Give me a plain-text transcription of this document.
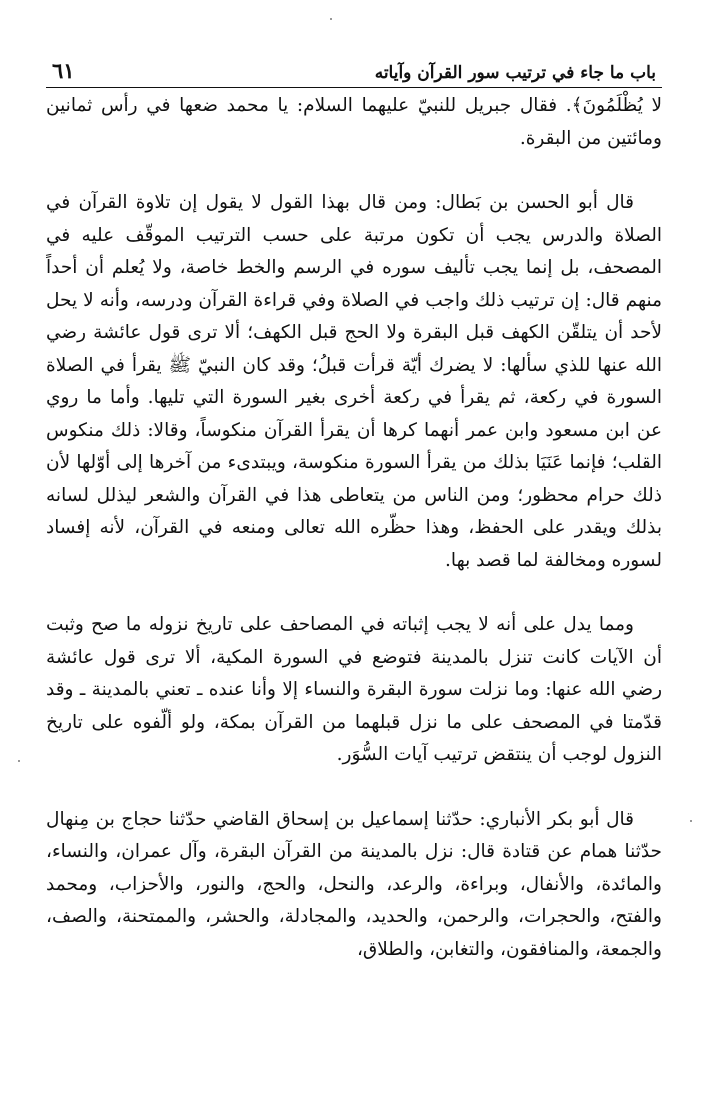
باب ما جاء في ترتيب سور القرآن وآياته
٦١

لا يُظْلَمُونَ﴾. فقال جبريل للنبيّ عليهما السلام: يا محمد ضعها في رأس ثمانين ومائتين من البقرة.

قال أبو الحسن بن بَطال: ومن قال بهذا القول لا يقول إن تلاوة القرآن في الصلاة والدرس يجب أن تكون مرتبة على حسب الترتيب الموقّف عليه في المصحف، بل إنما يجب تأليف سوره في الرسم والخط خاصة، ولا يُعلم أن أحداً منهم قال: إن ترتيب ذلك واجب في الصلاة وفي قراءة القرآن ودرسه، وأنه لا يحل لأحد أن يتلقّن الكهف قبل البقرة ولا الحج قبل الكهف؛ ألا ترى قول عائشة رضي الله عنها للذي سألها: لا يضرك أيّة قرأت قبلُ؛ وقد كان النبيّ ﷺ يقرأ في الصلاة السورة في ركعة، ثم يقرأ في ركعة أخرى بغير السورة التي تليها. وأما ما روي عن ابن مسعود وابن عمر أنهما كرها أن يقرأ القرآن منكوساً، وقالا: ذلك منكوس القلب؛ فإنما عَنَيَا بذلك من يقرأ السورة منكوسة، ويبتدىء من آخرها إلى أوّلها لأن ذلك حرام محظور؛ ومن الناس من يتعاطى هذا في القرآن والشعر ليذلل لسانه بذلك ويقدر على الحفظ، وهذا حظّره الله تعالى ومنعه في القرآن، لأنه إفساد لسوره ومخالفة لما قصد بها.

ومما يدل على أنه لا يجب إثباته في المصاحف على تاريخ نزوله ما صح وثبت أن الآيات كانت تنزل بالمدينة فتوضع في السورة المكية، ألا ترى قول عائشة رضي الله عنها: وما نزلت سورة البقرة والنساء إلا وأنا عنده ـ تعني بالمدينة ـ وقد قدّمتا في المصحف على ما نزل قبلهما من القرآن بمكة، ولو ألّفوه على تاريخ النزول لوجب أن ينتقض ترتيب آيات السُّوَر.

قال أبو بكر الأنباري: حدّثنا إسماعيل بن إسحاق القاضي حدّثنا حجاج بن مِنهال حدّثنا همام عن قتادة قال: نزل بالمدينة من القرآن البقرة، وآل عمران، والنساء، والمائدة، والأنفال، وبراءة، والرعد، والنحل، والحج، والنور، والأحزاب، ومحمد والفتح، والحجرات، والرحمن، والحديد، والمجادلة، والحشر، والممتحنة، والصف، والجمعة، والمنافقون، والتغابن، والطلاق،
